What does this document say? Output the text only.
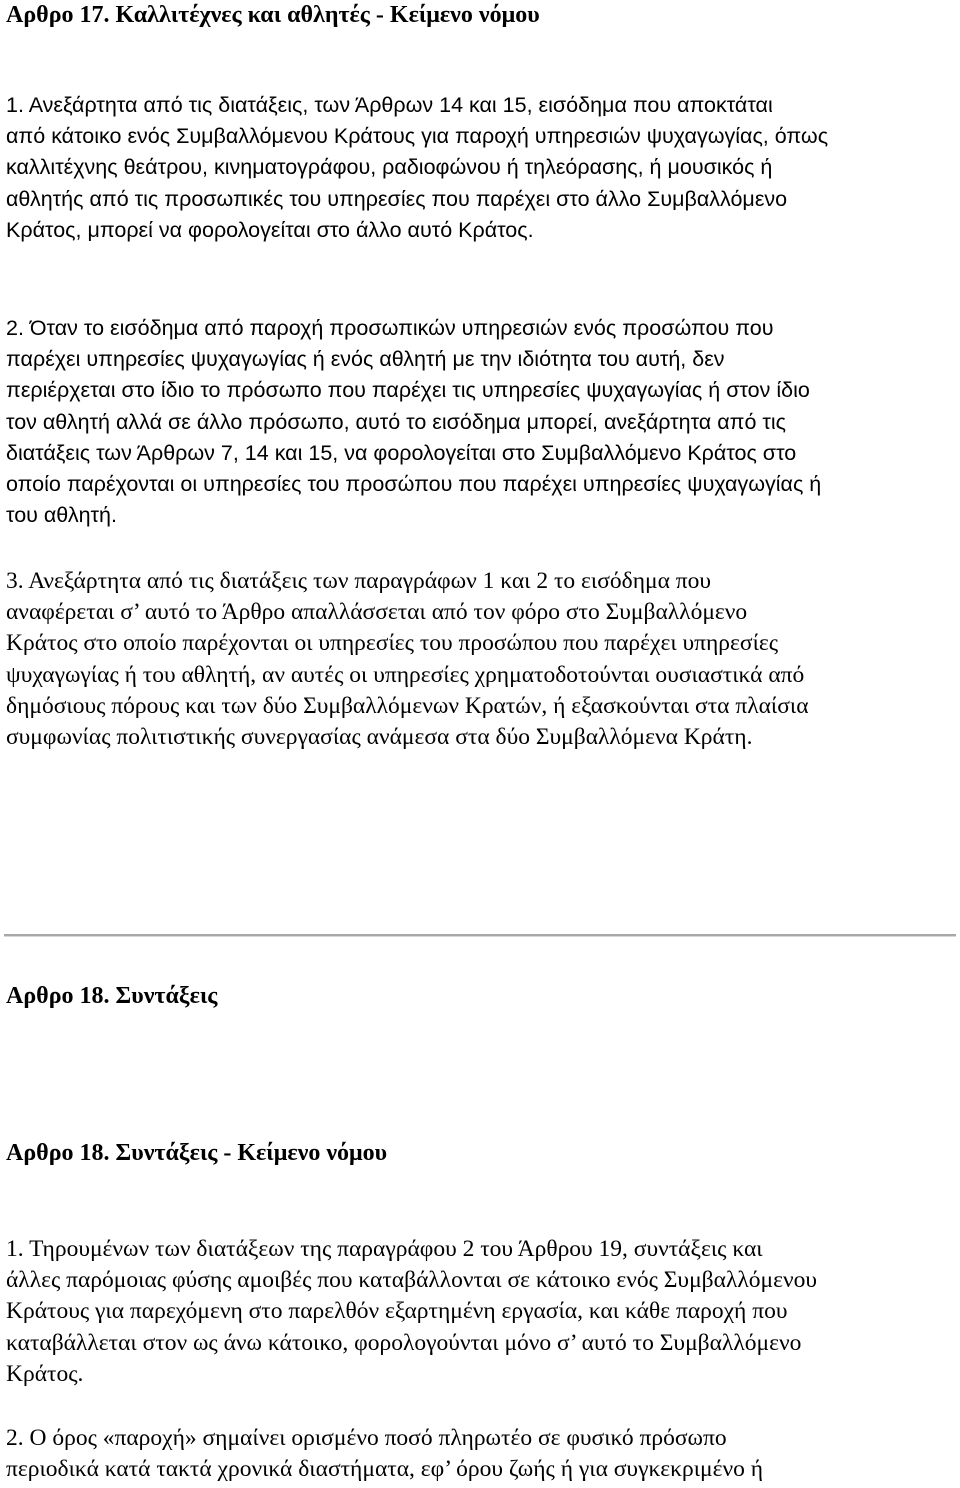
Αρθρο 17. Καλλιτέχνες και αθλητές - Κείμενο νόμου

1. Ανεξάρτητα από τις διατάξεις, των Άρθρων 14 και 15, εισόδημα που αποκτάται
από κάτοικο ενός Συμβαλλόμενου Κράτους για παροχή υπηρεσιών ψυχαγωγίας, όπως
καλλιτέχνης θεάτρου, κινηματογράφου, ραδιοφώνου ή τηλεόρασης, ή μουσικός ή
αθλητής από τις προσωπικές του υπηρεσίες που παρέχει στο άλλο Συμβαλλόμενο
Κράτος, μπορεί να φορολογείται στο άλλο αυτό Κράτος.

2. Όταν το εισόδημα από παροχή προσωπικών υπηρεσιών ενός προσώπου που
παρέχει υπηρεσίες ψυχαγωγίας ή ενός αθλητή με την ιδιότητα του αυτή, δεν
περιέρχεται στο ίδιο το πρόσωπο που παρέχει τις υπηρεσίες ψυχαγωγίας ή στον ίδιο
τον αθλητή αλλά σε άλλο πρόσωπο, αυτό το εισόδημα μπορεί, ανεξάρτητα από τις
διατάξεις των Άρθρων 7, 14 και 15, να φορολογείται στο Συμβαλλόμενο Κράτος στο
οποίο παρέχονται οι υπηρεσίες του προσώπου που παρέχει υπηρεσίες ψυχαγωγίας ή
του αθλητή.

3. Ανεξάρτητα από τις διατάξεις των παραγράφων 1 και 2 το εισόδημα που
αναφέρεται σ’ αυτό το Άρθρο απαλλάσσεται από τον φόρο στο Συμβαλλόμενο
Κράτος στο οποίο παρέχονται οι υπηρεσίες του προσώπου που παρέχει υπηρεσίες
ψυχαγωγίας ή του αθλητή, αν αυτές οι υπηρεσίες χρηματοδοτούνται ουσιαστικά από
δημόσιους πόρους και των δύο Συμβαλλόμενων Κρατών, ή εξασκούνται στα πλαίσια
συμφωνίας πολιτιστικής συνεργασίας ανάμεσα στα δύο Συμβαλλόμενα Κράτη.

Αρθρο 18. Συντάξεις
Αρθρο 18. Συντάξεις - Κείμενο νόμου

1. Τηρουμένων των διατάξεων της παραγράφου 2 του Άρθρου 19, συντάξεις και
άλλες παρόμοιας φύσης αμοιβές που καταβάλλονται σε κάτοικο ενός Συμβαλλόμενου
Κράτους για παρεχόμενη στο παρελθόν εξαρτημένη εργασία, και κάθε παροχή που
καταβάλλεται στον ως άνω κάτοικο, φορολογούνται μόνο σ’ αυτό το Συμβαλλόμενο
Κράτος.

2. Ο όρος «παροχή» σημαίνει ορισμένο ποσό πληρωτέο σε φυσικό πρόσωπο
περιοδικά κατά τακτά χρονικά διαστήματα, εφ’ όρου ζωής ή για συγκεκριμένο ή
